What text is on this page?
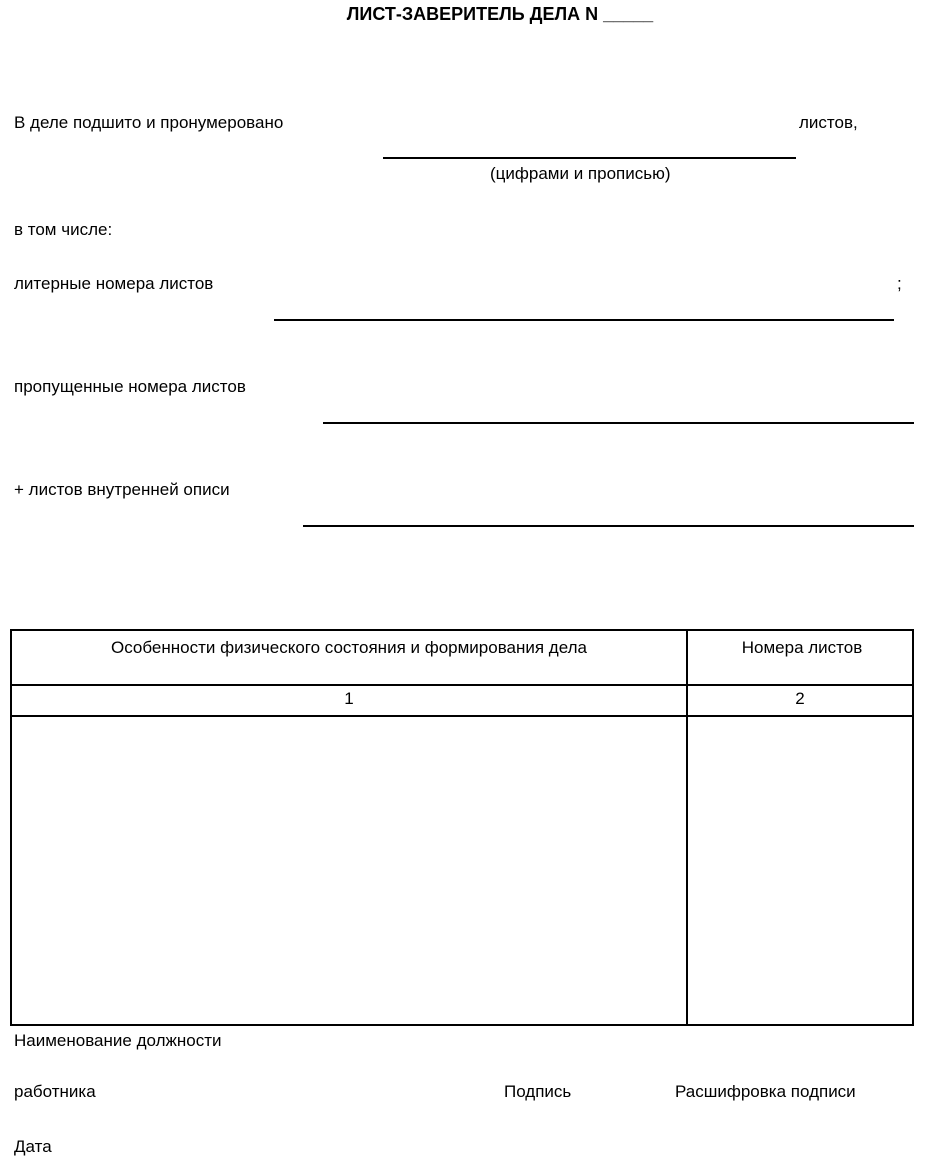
ЛИСТ-ЗАВЕРИТЕЛЬ ДЕЛА N _____
В деле подшито и пронумеровано	листов,
(цифрами и прописью)
в том числе:
литерные номера листов	;
пропущенные номера листов
+ листов внутренней описи
Особенности физического состояния и формирования дела	Номера листов
1	2
Наименование должности
работника	Подпись	Расшифровка подписи
Дата
